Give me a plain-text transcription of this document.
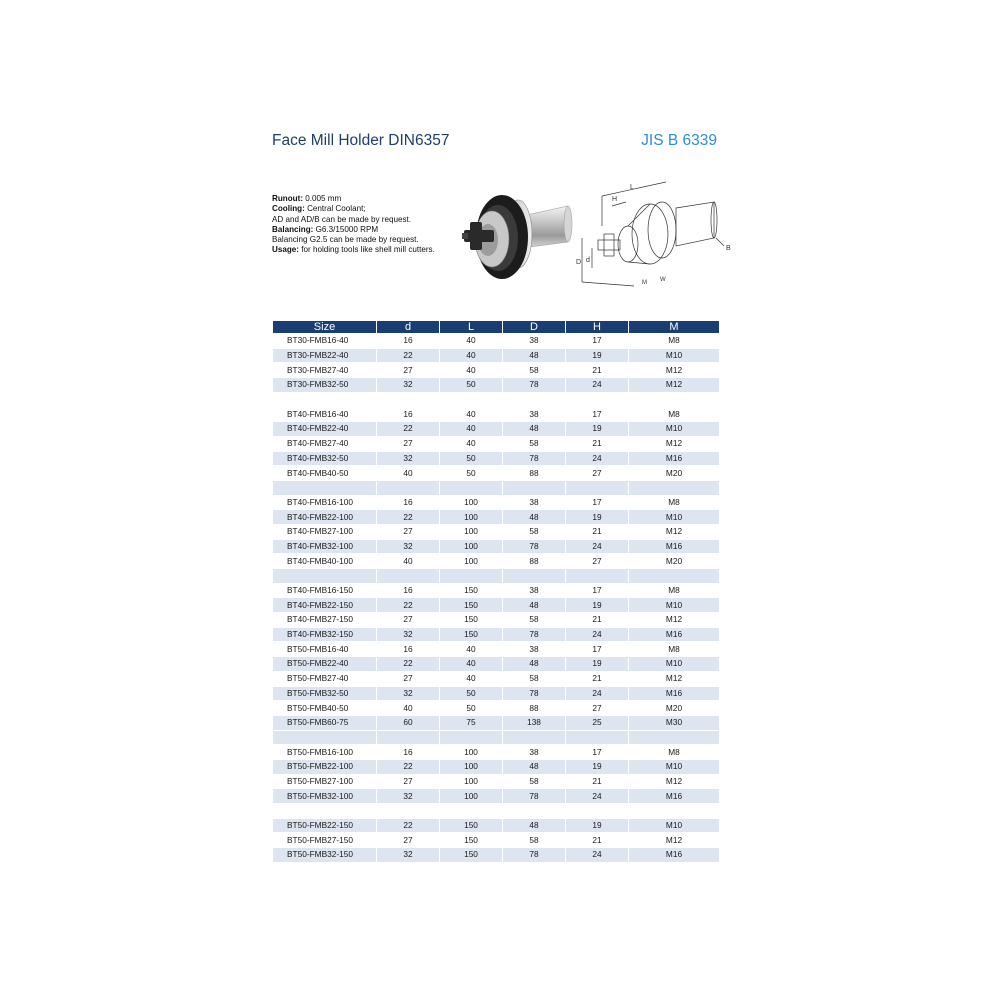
Face Mill Holder DIN6357	JIS B 6339
Runout: 0.005 mm
Cooling: Central Coolant;
AD and AD/B can be made by request.
Balancing: G6.3/15000 RPM
Balancing G2.5 can be made by request.
Usage: for holding tools like shell mill cutters.
L
H
B
D d
M W
Size	d	L	D	H	M
BT30-FMB16-40	16	40	38	17	M8
BT30-FMB22-40	22	40	48	19	M10
BT30-FMB27-40	27	40	58	21	M12
BT30-FMB32-50	32	50	78	24	M12

BT40-FMB16-40	16	40	38	17	M8
BT40-FMB22-40	22	40	48	19	M10
BT40-FMB27-40	27	40	58	21	M12
BT40-FMB32-50	32	50	78	24	M16
BT40-FMB40-50	40	50	88	27	M20

BT40-FMB16-100	16	100	38	17	M8
BT40-FMB22-100	22	100	48	19	M10
BT40-FMB27-100	27	100	58	21	M12
BT40-FMB32-100	32	100	78	24	M16
BT40-FMB40-100	40	100	88	27	M20

BT40-FMB16-150	16	150	38	17	M8
BT40-FMB22-150	22	150	48	19	M10
BT40-FMB27-150	27	150	58	21	M12
BT40-FMB32-150	32	150	78	24	M16
BT50-FMB16-40	16	40	38	17	M8
BT50-FMB22-40	22	40	48	19	M10
BT50-FMB27-40	27	40	58	21	M12
BT50-FMB32-50	32	50	78	24	M16
BT50-FMB40-50	40	50	88	27	M20
BT50-FMB60-75	60	75	138	25	M30

BT50-FMB16-100	16	100	38	17	M8
BT50-FMB22-100	22	100	48	19	M10
BT50-FMB27-100	27	100	58	21	M12
BT50-FMB32-100	32	100	78	24	M16

BT50-FMB22-150	22	150	48	19	M10
BT50-FMB27-150	27	150	58	21	M12
BT50-FMB32-150	32	150	78	24	M16
